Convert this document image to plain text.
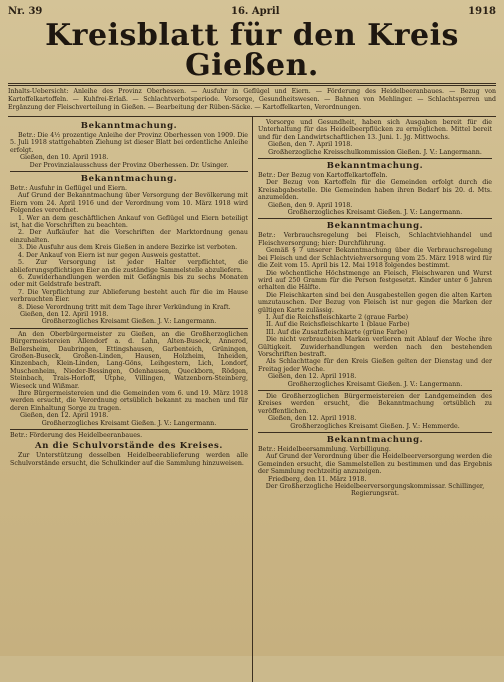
Nr. 39	16. April	1918
Kreisblatt für den Kreis Gießen.
Inhalts-Uebersicht: Anleihe des Provinz Oberhessen. — Ausfuhr in Geflügel und Eiern. — Förderung des Heidelbeeranbaues. — Bezug von Kartoffelkartoffeln. — Kuhfrei-Erlaß. — Schlachtverbotsperiode. Vorsorge, Gesundheitswesen. — Bahnen von Mehlinger. — Schlachtsperren und Ergänzung der Fleischverteilung in Gießen. — Bearbeitung der Rüben-Säcke. — Kartoffelkarten, Verordnungen.
Bekanntmachung.

Betr.: Die 4½ prozentige Anleihe der Provinz Oberhessen von 1909. Die 5. Juli 1918 stattgehabten Ziehung ist dieser Blatt bei ordentliche Anleihe erfolgt.

Gießen, den 10. April 1918.

Der Provinzialausschuss der Provinz Oberhessen. Dr. Usinger.

Bekanntmachung.

Betr.: Ausfuhr in Geflügel und Eiern.

Auf Grund der Bekanntmachung über Versorgung der Bevölkerung mit Eiern vom 24. April 1916 und der Verordnung vom 10. März 1918 wird Folgendes verordnet.

1. Wer an dem geschäftlichen Ankauf von Geflügel und Eiern beteiligt ist, hat die Vorschriften zu beachten.

2. Der Aufkäufer hat die Vorschriften der Marktordnung genau einzuhalten.

3. Die Ausfuhr aus dem Kreis Gießen in andere Bezirke ist verboten.

4. Der Ankauf von Eiern ist nur gegen Ausweis gestattet.

5. Zur Versorgung ist jeder Halter verpflichtet, die ablieferungspflichtigen Eier an die zuständige Sammelstelle abzuliefern.

6. Zuwiderhandlungen werden mit Gefängnis bis zu sechs Monaten oder mit Geldstrafe bestraft.

7. Die Verpflichtung zur Ablieferung besteht auch für die im Hause verbrauchten Eier.

8. Diese Verordnung tritt mit dem Tage ihrer Verkündung in Kraft.

Gießen, den 12. April 1918.

Großherzogliches Kreisamt Gießen. J. V.: Langermann.

An den Oberbürgermeister zu Gießen, an die Großherzoglichen Bürgermeistereien Allendorf a. d. Lahn, Alten-Buseck, Annerod, Bellersheim, Daubringen, Ettingshausen, Garbenteich, Grüningen, Großen-Buseck, Großen-Linden, Hausen, Holzheim, Inheiden, Kinzenbach, Klein-Linden, Lang-Göns, Leihgestern, Lich, Londorf, Muschenheim, Nieder-Bessingen, Odenhausen, Queckborn, Rödgen, Steinbach, Trais-Horloff, Utphe, Villingen, Watzenborn-Steinberg, Wieseck und Wißmar.

Ihre Bürgermeistereien und die Gemeinden vom 6. und 19. März 1918 werden ersucht, die Verordnung ortsüblich bekannt zu machen und für deren Einhaltung Sorge zu tragen.

Gießen, den 12. April 1918.

Großherzogliches Kreisamt Gießen. J. V.: Langermann.

Betr.: Förderung des Heidelbeeranbaues.

An die Schulvorstände des Kreises.

Zur Unterstützung desselben Heidelbeerablieferung werden alle Schulvorstände ersucht, die Schulkinder auf die Sammlung hinzuweisen.

Vorsorge und Gesundheit, haben sich Ausgaben bereit für die Unterhaltung für das Heidelbeerpflücken zu ermöglichen. Mittel bereit und für den Landwirtschaftlichen 13. Juni. 1. Jg. Mittwochs.

Gießen, den 7. April 1918.

Großherzogliche Kreisschulkommission Gießen. J. V.: Langermann.

Bekanntmachung.

Betr.: Der Bezug von Kartoffelkartoffeln.

Der Bezug von Kartoffeln für die Gemeinden erfolgt durch die Kreisabgabestelle. Die Gemeinden haben ihren Bedarf bis 20. d. Mts. anzumelden.

Gießen, den 9. April 1918.

Großherzogliches Kreisamt Gießen. J. V.: Langermann.

Bekanntmachung.

Betr.: Verbrauchsregelung bei Fleisch, Schlachtviehhandel und Fleischversorgung; hier: Durchführung.

Gemäß § 7 unserer Bekanntmachung über die Verbrauchsregelung bei Fleisch und der Schlachtviehversorgung vom 25. März 1918 wird für die Zeit vom 15. April bis 12. Mai 1918 folgendes bestimmt.

Die wöchentliche Höchstmenge an Fleisch, Fleischwaren und Wurst wird auf 250 Gramm für die Person festgesetzt. Kinder unter 6 Jahren erhalten die Hälfte.

Die Fleischkarten sind bei den Ausgabestellen gegen die alten Karten umzutauschen. Der Bezug von Fleisch ist nur gegen die Marken der gültigen Karte zulässig.

I. Auf die Reichsfleischkarte 2 (graue Farbe)

II. Auf die Reichsfleischkarte 1 (blaue Farbe)

III. Auf die Zusatzfleischkarte (grüne Farbe)

Die nicht verbrauchten Marken verlieren mit Ablauf der Woche ihre Gültigkeit. Zuwiderhandlungen werden nach den bestehenden Vorschriften bestraft.

Als Schlachttage für den Kreis Gießen gelten der Dienstag und der Freitag jeder Woche.

Gießen, den 12. April 1918.

Großherzogliches Kreisamt Gießen. J. V.: Langermann.

Die Großherzoglichen Bürgermeistereien der Landgemeinden des Kreises werden ersucht, die Bekanntmachung ortsüblich zu veröffentlichen.

Gießen, den 12. April 1918.

Großherzogliches Kreisamt Gießen. J. V.: Hemmerde.

Bekanntmachung.

Betr.: Heidelbeersammlung. Verbilligung.

Auf Grund der Verordnung über die Heidelbeerversorgung werden die Gemeinden ersucht, die Sammelstellen zu bestimmen und das Ergebnis der Sammlung rechtzeitig anzuzeigen.

Friedberg, den 11. März 1918.

Der Großherzogliche Heidelbeerversorgungskommissar. Schillinger, Regierungsrat.
